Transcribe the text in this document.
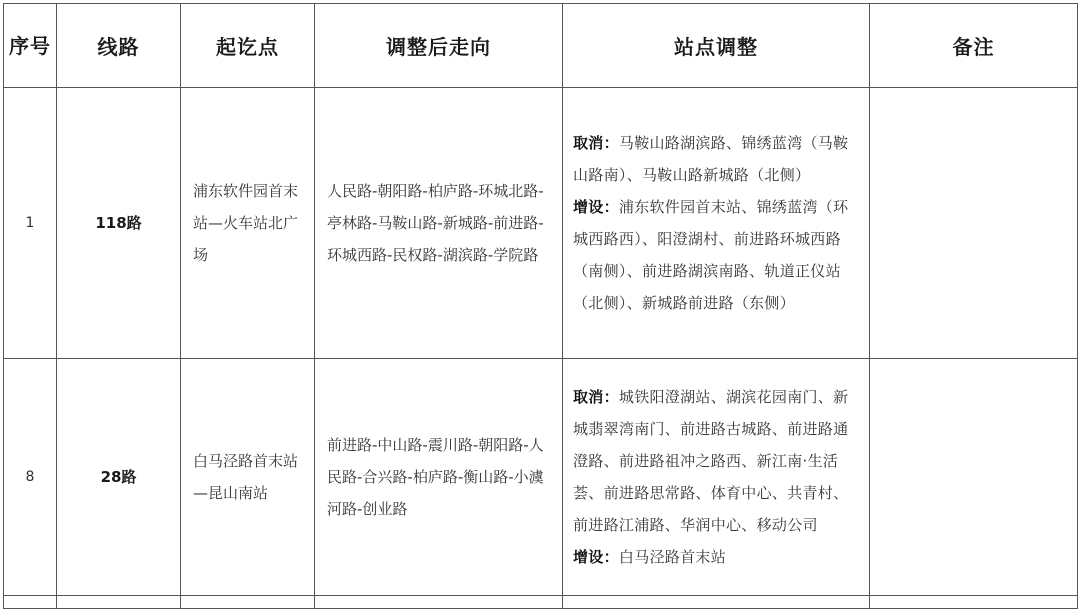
序号	线路	起讫点	调整后走向	站点调整	备注
1	118路	浦东软件园首末站—火车站北广场	人民路-朝阳路-柏庐路-环城北路-亭林路-马鞍山路-新城路-前进路-环城西路-民权路-湖滨路-学院路	取消：马鞍山路湖滨路、锦绣蓝湾（马鞍山路南）、马鞍山路新城路（北侧）

增设：浦东软件园首末站、锦绣蓝湾（环城西路西）、阳澄湖村、前进路环城西路（南侧）、前进路湖滨南路、轨道正仪站（北侧）、新城路前进路（东侧）	

8	28路	白马泾路首末站—昆山南站	前进路-中山路-震川路-朝阳路-人民路-合兴路-柏庐路-衡山路-小澞河路-创业路	取消：城铁阳澄湖站、湖滨花园南门、新城翡翠湾南门、前进路古城路、前进路通澄路、前进路祖冲之路西、新江南·生活荟、前进路思常路、体育中心、共青村、前进路江浦路、华润中心、移动公司

增设：白马泾路首末站	
